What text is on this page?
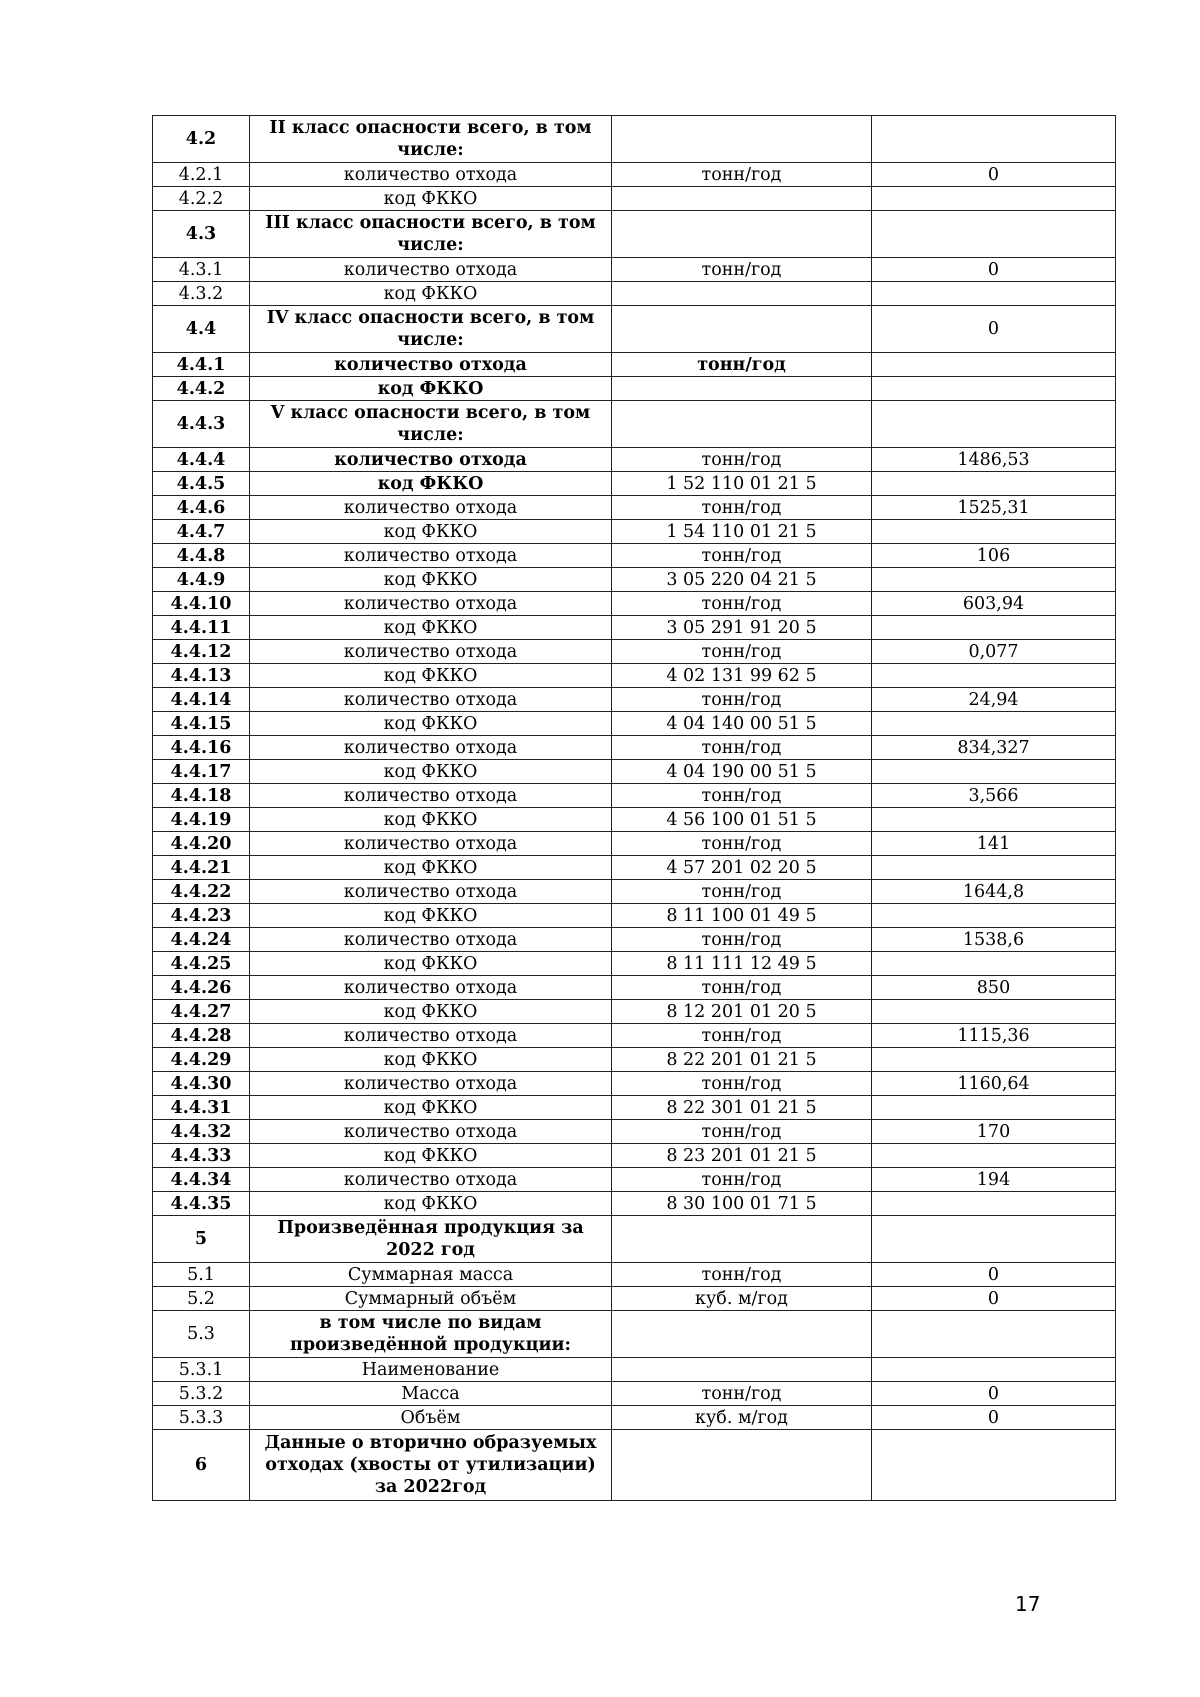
4.2	II класс опасности всего, в том числе:		
4.2.1	количество отхода	тонн/год	0
4.2.2	код ФККО		
4.3	III класс опасности всего, в том числе:		
4.3.1	количество отхода	тонн/год	0
4.3.2	код ФККО		
4.4	IV класс опасности всего, в том числе:		0
4.4.1	количество отхода	тонн/год	
4.4.2	код ФККО		
4.4.3	V класс опасности всего, в том числе:		
4.4.4	количество отхода	тонн/год	1486,53
4.4.5	код ФККО	1 52 110 01 21 5	
4.4.6	количество отхода	тонн/год	1525,31
4.4.7	код ФККО	1 54 110 01 21 5	
4.4.8	количество отхода	тонн/год	106
4.4.9	код ФККО	3 05 220 04 21 5	
4.4.10	количество отхода	тонн/год	603,94
4.4.11	код ФККО	3 05 291 91 20 5	
4.4.12	количество отхода	тонн/год	0,077
4.4.13	код ФККО	4 02 131 99 62 5	
4.4.14	количество отхода	тонн/год	24,94
4.4.15	код ФККО	4 04 140 00 51 5	
4.4.16	количество отхода	тонн/год	834,327
4.4.17	код ФККО	4 04 190 00 51 5	
4.4.18	количество отхода	тонн/год	3,566
4.4.19	код ФККО	4 56 100 01 51 5	
4.4.20	количество отхода	тонн/год	141
4.4.21	код ФККО	4 57 201 02 20 5	
4.4.22	количество отхода	тонн/год	1644,8
4.4.23	код ФККО	8 11 100 01 49 5	
4.4.24	количество отхода	тонн/год	1538,6
4.4.25	код ФККО	8 11 111 12 49 5	
4.4.26	количество отхода	тонн/год	850
4.4.27	код ФККО	8 12 201 01 20 5	
4.4.28	количество отхода	тонн/год	1115,36
4.4.29	код ФККО	8 22 201 01 21 5	
4.4.30	количество отхода	тонн/год	1160,64
4.4.31	код ФККО	8 22 301 01 21 5	
4.4.32	количество отхода	тонн/год	170
4.4.33	код ФККО	8 23 201 01 21 5	
4.4.34	количество отхода	тонн/год	194
4.4.35	код ФККО	8 30 100 01 71 5	
5	Произведённая продукция за 2022 год		
5.1	Суммарная масса	тонн/год	0
5.2	Суммарный объём	куб. м/год	0
5.3	в том числе по видам произведённой продукции:		
5.3.1	Наименование		
5.3.2	Масса	тонн/год	0
5.3.3	Объём	куб. м/год	0
6	Данные о вторично образуемых отходах (хвосты от утилизации) за 2022год		
17
